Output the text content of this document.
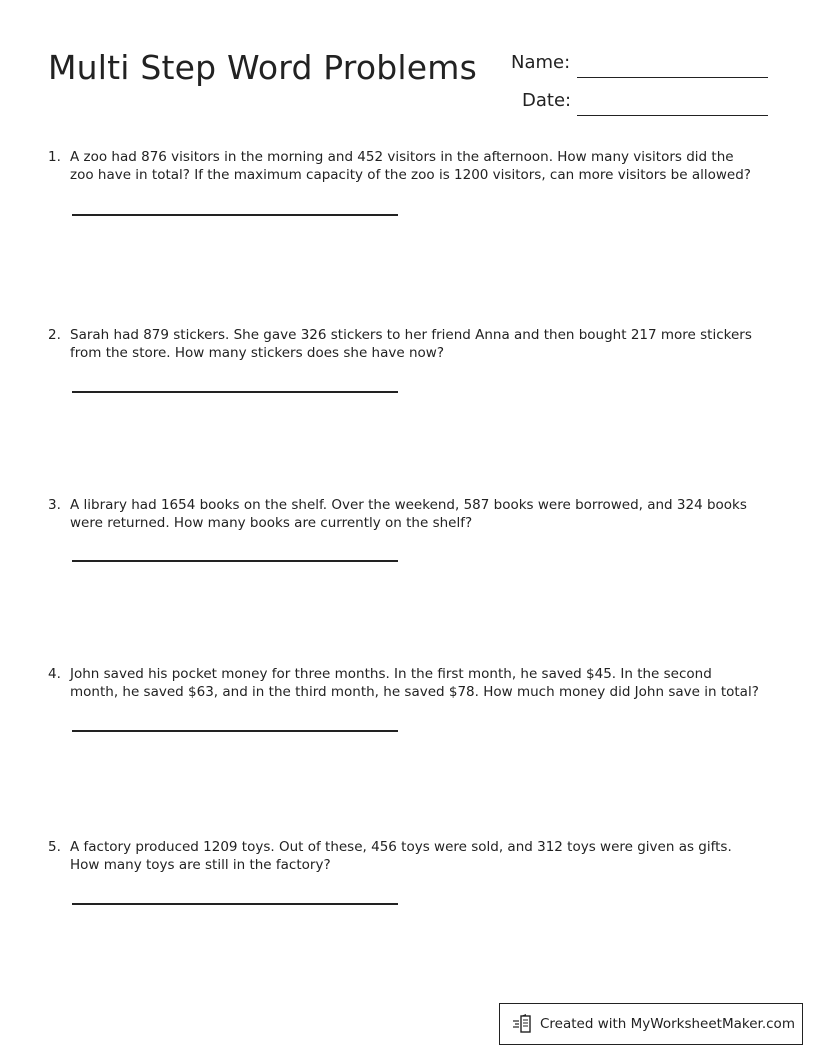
Multi Step Word Problems Name:
Date:
1. A zoo had 876 visitors in the morning and 452 visitors in the afternoon. How many visitors did the zoo have in total? If the maximum capacity of the zoo is 1200 visitors, can more visitors be allowed?
2. Sarah had 879 stickers. She gave 326 stickers to her friend Anna and then bought 217 more stickers from the store. How many stickers does she have now?
3. A library had 1654 books on the shelf. Over the weekend, 587 books were borrowed, and 324 books were returned. How many books are currently on the shelf?
4. John saved his pocket money for three months. In the first month, he saved $45. In the second month, he saved $63, and in the third month, he saved $78. How much money did John save in total?
5. A factory produced 1209 toys. Out of these, 456 toys were sold, and 312 toys were given as gifts. How many toys are still in the factory?
Created with MyWorksheetMaker.com
